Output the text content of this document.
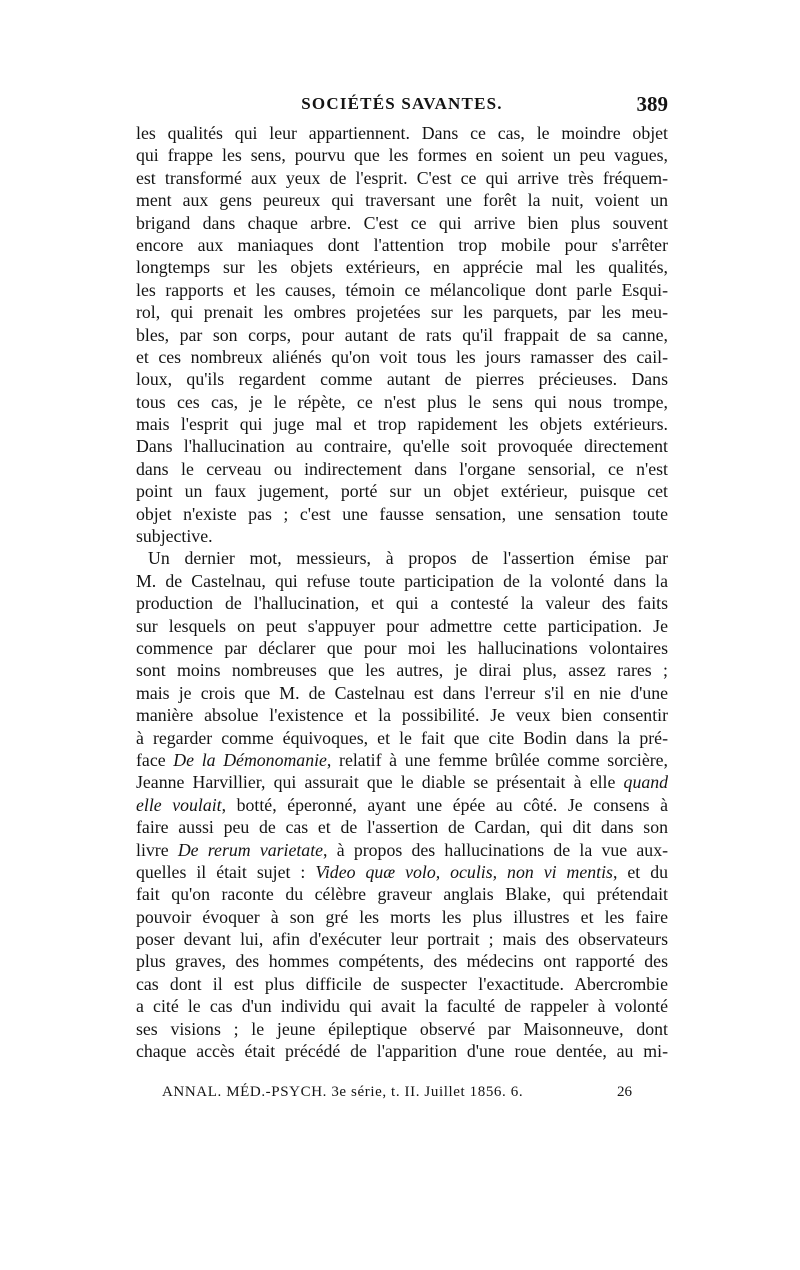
SOCIÉTÉS SAVANTES.	389
les qualités qui leur appartiennent. Dans ce cas, le moindre objet
qui frappe les sens, pourvu que les formes en soient un peu vagues,
est transformé aux yeux de l'esprit. C'est ce qui arrive très fréquem-
ment aux gens peureux qui traversant une forêt la nuit, voient un
brigand dans chaque arbre. C'est ce qui arrive bien plus souvent
encore aux maniaques dont l'attention trop mobile pour s'arrêter
longtemps sur les objets extérieurs, en apprécie mal les qualités,
les rapports et les causes, témoin ce mélancolique dont parle Esqui-
rol, qui prenait les ombres projetées sur les parquets, par les meu-
bles, par son corps, pour autant de rats qu'il frappait de sa canne,
et ces nombreux aliénés qu'on voit tous les jours ramasser des cail-
loux, qu'ils regardent comme autant de pierres précieuses. Dans
tous ces cas, je le répète, ce n'est plus le sens qui nous trompe,
mais l'esprit qui juge mal et trop rapidement les objets extérieurs.
Dans l'hallucination au contraire, qu'elle soit provoquée directement
dans le cerveau ou indirectement dans l'organe sensorial, ce n'est
point un faux jugement, porté sur un objet extérieur, puisque cet
objet n'existe pas ; c'est une fausse sensation, une sensation toute
subjective.
Un dernier mot, messieurs, à propos de l'assertion émise par
M. de Castelnau, qui refuse toute participation de la volonté dans la
production de l'hallucination, et qui a contesté la valeur des faits
sur lesquels on peut s'appuyer pour admettre cette participation. Je
commence par déclarer que pour moi les hallucinations volontaires
sont moins nombreuses que les autres, je dirai plus, assez rares ;
mais je crois que M. de Castelnau est dans l'erreur s'il en nie d'une
manière absolue l'existence et la possibilité. Je veux bien consentir
à regarder comme équivoques, et le fait que cite Bodin dans la pré-
face De la Démonomanie, relatif à une femme brûlée comme sorcière,
Jeanne Harvillier, qui assurait que le diable se présentait à elle quand
elle voulait, botté, éperonné, ayant une épée au côté. Je consens à
faire aussi peu de cas et de l'assertion de Cardan, qui dit dans son
livre De rerum varietate, à propos des hallucinations de la vue aux-
quelles il était sujet : Video quæ volo, oculis, non vi mentis, et du
fait qu'on raconte du célèbre graveur anglais Blake, qui prétendait
pouvoir évoquer à son gré les morts les plus illustres et les faire
poser devant lui, afin d'exécuter leur portrait ; mais des observateurs
plus graves, des hommes compétents, des médecins ont rapporté des
cas dont il est plus difficile de suspecter l'exactitude. Abercrombie
a cité le cas d'un individu qui avait la faculté de rappeler à volonté
ses visions ; le jeune épileptique observé par Maisonneuve, dont
chaque accès était précédé de l'apparition d'une roue dentée, au mi-
ANNAL. MÉD.-PSYCH. 3e série, t. II. Juillet 1856. 6.	26
